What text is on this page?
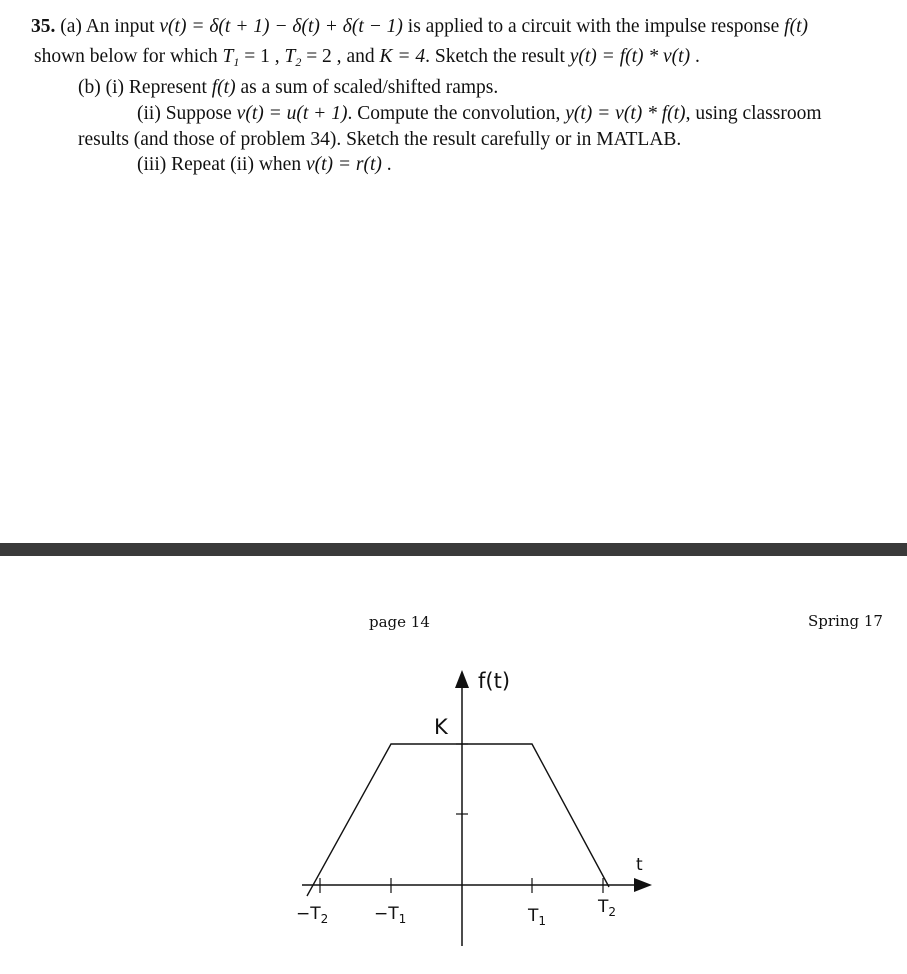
35. (a) An input v(t) = δ(t + 1) − δ(t) + δ(t − 1) is applied to a circuit with the impulse response f(t)
shown below for which $T_1 = 1$ , $T_2 = 2$ , and K = 4. Sketch the result y(t) = f(t) * v(t) .
(b) (i) Represent f(t) as a sum of scaled/shifted ramps.
(ii) Suppose v(t) = u(t + 1). Compute the convolution, y(t) = v(t) * f(t), using classroom
results (and those of problem 34). Sketch the result carefully or in MATLAB.
(iii) Repeat (ii) when v(t) = r(t) .
page 14	Spring 17
f(t)
t
K
$-T_2$	$-T_1$	$T_1$
$T_2$
